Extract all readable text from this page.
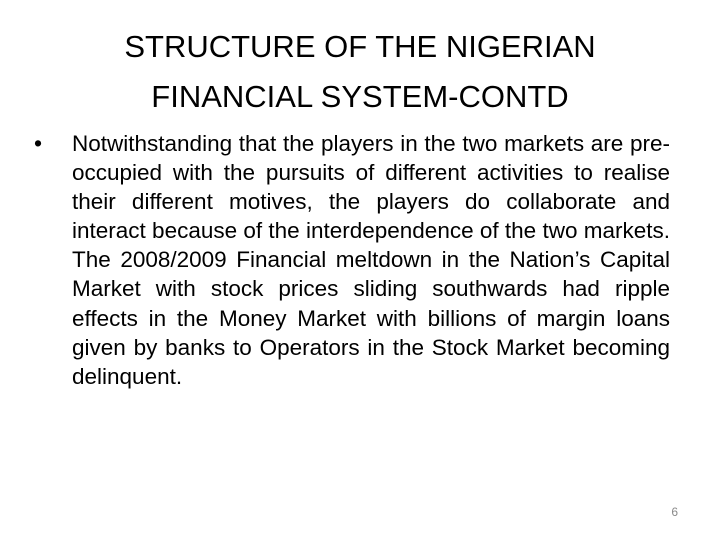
STRUCTURE OF THE NIGERIAN
FINANCIAL SYSTEM-CONTD
• Notwithstanding that the players in the two markets are pre-occupied with the pursuits of different activities to realise their different motives, the players do collaborate and interact because of the interdependence of the two markets. The 2008/2009 Financial meltdown in the Nation’s Capital Market with stock prices sliding southwards had ripple effects in the Money Market with billions of margin loans given by banks to Operators in the Stock Market becoming delinquent.

6
